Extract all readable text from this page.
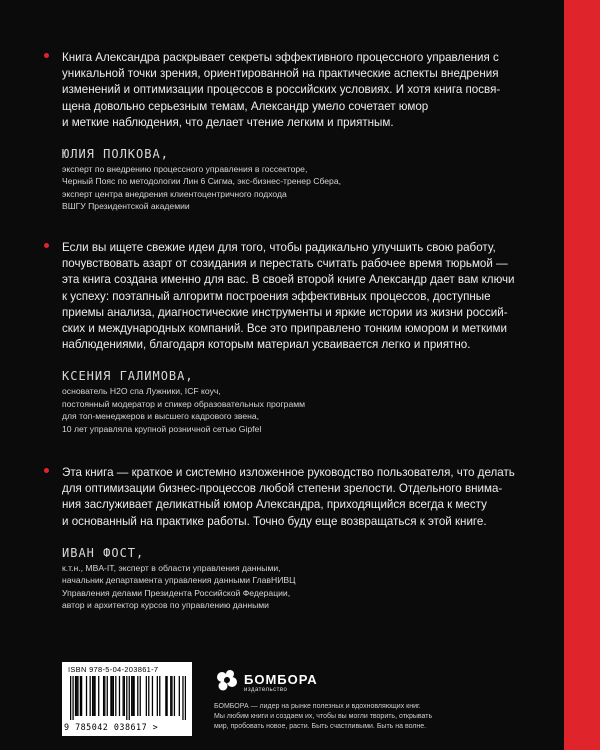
Книга Александра раскрывает секреты эффективного процессного управления с
уникальной точки зрения, ориентированной на практические аспекты внедрения
изменений и оптимизации процессов в российских условиях. И хотя книга посвя-
щена довольно серьезным темам, Александр умело сочетает юмор
и меткие наблюдения, что делает чтение легким и приятным.
ЮЛИЯ ПОЛКОВА,
эксперт по внедрению процессного управления в госсекторе,
Черный Пояс по методологии Лин 6 Сигма, экс-бизнес-тренер Сбера,
эксперт центра внедрения клиентоцентричного подхода
ВШГУ Президентской академии
Если вы ищете свежие идеи для того, чтобы радикально улучшить свою работу,
почувствовать азарт от созидания и перестать считать рабочее время тюрьмой —
эта книга создана именно для вас. В своей второй книге Александр дает вам ключи
к успеху: поэтапный алгоритм построения эффективных процессов, доступные
приемы анализа, диагностические инструменты и яркие истории из жизни россий-
ских и международных компаний. Все это приправлено тонким юмором и меткими
наблюдениями, благодаря которым материал усваивается легко и приятно.
КСЕНИЯ ГАЛИМОВА,
основатель H2O спа Лужники, ICF коуч,
постоянный модератор и спикер образовательных программ
для топ-менеджеров и высшего кадрового звена,
10 лет управляла крупной розничной сетью Gipfel
Эта книга — краткое и системно изложенное руководство пользователя, что делать
для оптимизации бизнес-процессов любой степени зрелости. Отдельного внима-
ния заслуживает деликатный юмор Александра, приходящийся всегда к месту
и основанный на практике работы. Точно буду еще возвращаться к этой книге.
ИВАН ФОСТ,
к.т.н., MBA-IT, эксперт в области управления данными,
начальник департамента управления данными ГлавНИВЦ
Управления делами Президента Российской Федерации,
автор и архитектор курсов по управлению данными
ISBN 978-5-04-203861-7
9 785042 038617 >
БОМБОРА
издательство
БОМБОРА — лидер на рынке полезных и вдохновляющих книг.
Мы любим книги и создаем их, чтобы вы могли творить, открывать
мир, пробовать новое, расти. Быть счастливыми. Быть на волне.
